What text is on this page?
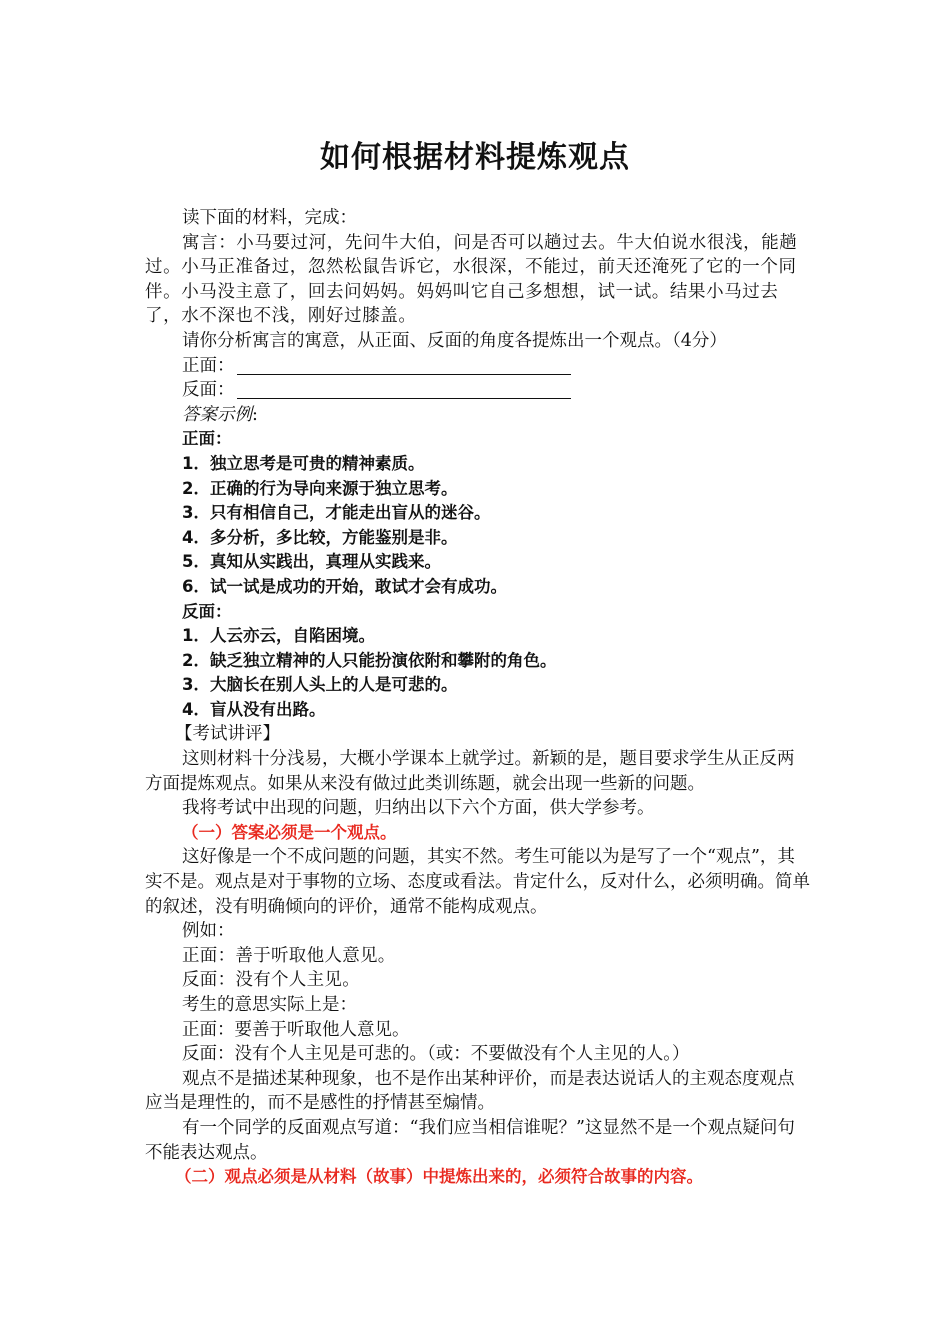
如何根据材料提炼观点

读下面的材料，完成：

寓言：小马要过河，先问牛大伯，问是否可以趟过去。牛大伯说水很浅，能趟过。小马正准备过，忽然松鼠告诉它，水很深，不能过，前天还淹死了它的一个同伴。小马没主意了，回去问妈妈。妈妈叫它自己多想想，试一试。结果小马过去了，水不深也不浅，刚好过膝盖。

请你分析寓言的寓意，从正面、反面的角度各提炼出一个观点。（4分）

正面：

反面：

答案示例:

正面：

1．独立思考是可贵的精神素质。

2．正确的行为导向来源于独立思考。

3．只有相信自己，才能走出盲从的迷谷。

4．多分析，多比较，方能鉴别是非。

5．真知从实践出，真理从实践来。

6．试一试是成功的开始，敢试才会有成功。

反面：

1．人云亦云，自陷困境。

2．缺乏独立精神的人只能扮演依附和攀附的角色。

3．大脑长在别人头上的人是可悲的。

4．盲从没有出路。

【考试讲评】

这则材料十分浅易，大概小学课本上就学过。新颖的是，题目要求学生从正反两方面提炼观点。如果从来没有做过此类训练题，就会出现一些新的问题。

我将考试中出现的问题，归纳出以下六个方面，供大学参考。

（一）答案必须是一个观点。

这好像是一个不成问题的问题，其实不然。考生可能以为是写了一个“观点”，其实不是。观点是对于事物的立场、态度或看法。肯定什么，反对什么，必须明确。简单的叙述，没有明确倾向的评价，通常不能构成观点。

例如：

正面：善于听取他人意见。

反面：没有个人主见。

考生的意思实际上是：

正面：要善于听取他人意见。

反面：没有个人主见是可悲的。（或：不要做没有个人主见的人。）

观点不是描述某种现象，也不是作出某种评价，而是表达说话人的主观态度观点应当是理性的，而不是感性的抒情甚至煽情。

有一个同学的反面观点写道：“我们应当相信谁呢？”这显然不是一个观点疑问句不能表达观点。

（二）观点必须是从材料（故事）中提炼出来的，必须符合故事的内容。
